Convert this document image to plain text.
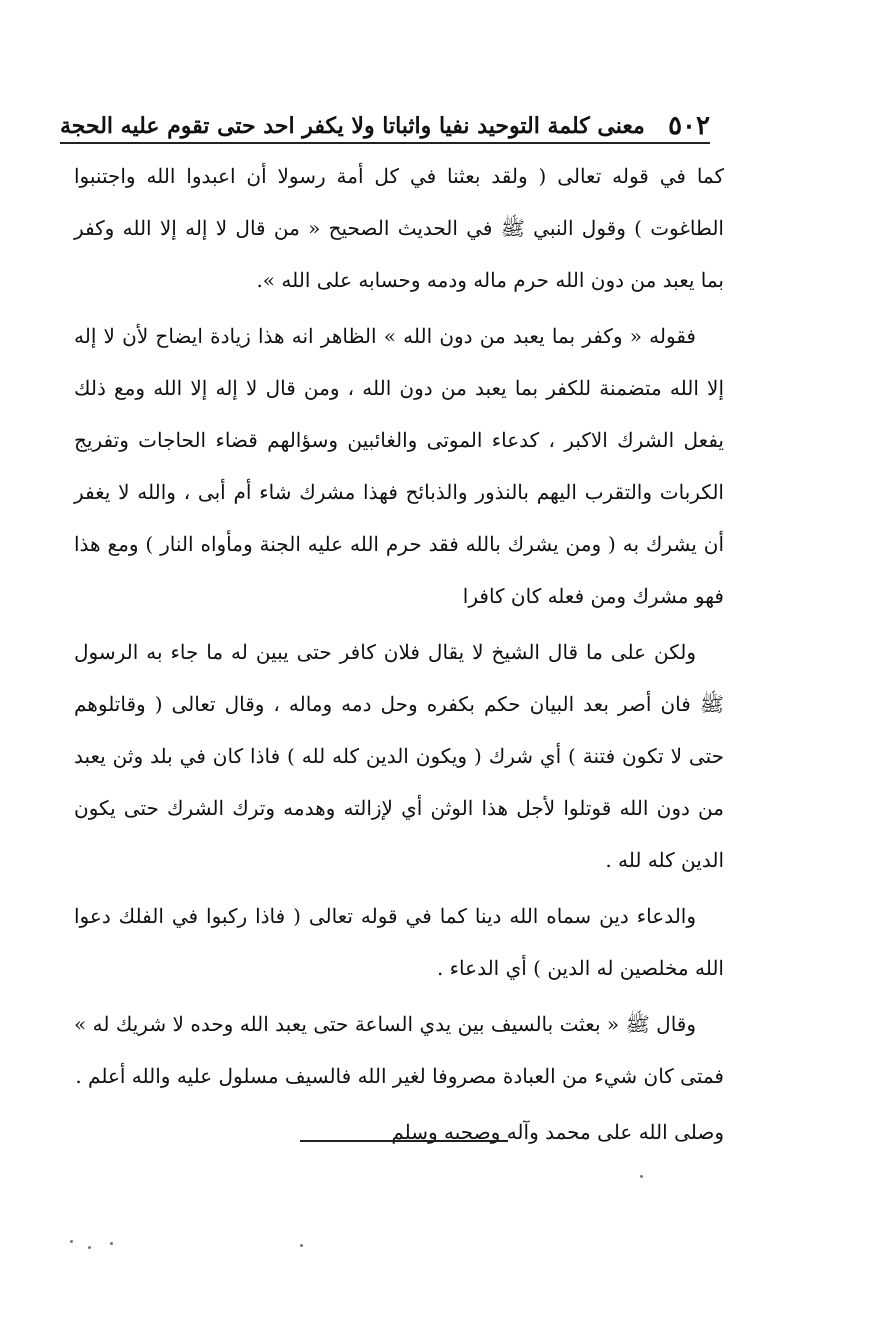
٥٠٢
معنى كلمة التوحيد نفيا واثباتا ولا يكفر احد حتى تقوم عليه الحجة

كما في قوله تعالى ( ولقد بعثنا في كل أمة رسولا أن اعبدوا الله واجتنبوا الطاغوت ) وقول النبي ﷺ في الحديث الصحيح « من قال لا إله إلا الله وكفر بما يعبد من دون الله حرم ماله ودمه وحسابه على الله ».

فقوله « وكفر بما يعبد من دون الله » الظاهر انه هذا زيادة ايضاح لأن لا إله إلا الله متضمنة للكفر بما يعبد من دون الله ، ومن قال لا إله إلا الله ومع ذلك يفعل الشرك الاكبر ، كدعاء الموتى والغائبين وسؤالهم قضاء الحاجات وتفريج الكربات والتقرب اليهم بالنذور والذبائح فهذا مشرك شاء أم أبى ، والله لا يغفر أن يشرك به ( ومن يشرك بالله فقد حرم الله عليه الجنة ومأواه النار ) ومع هذا فهو مشرك ومن فعله كان كافرا

ولكن على ما قال الشيخ لا يقال فلان كافر حتى يبين له ما جاء به الرسول ﷺ فان أصر بعد البيان حكم بكفره وحل دمه وماله ، وقال تعالى ( وقاتلوهم حتى لا تكون فتنة ) أي شرك ( ويكون الدين كله لله ) فاذا كان في بلد وثن يعبد من دون الله قوتلوا لأجل هذا الوثن أي لإزالته وهدمه وترك الشرك حتى يكون الدين كله لله .

والدعاء دين سماه الله دينا كما في قوله تعالى ( فاذا ركبوا في الفلك دعوا الله مخلصين له الدين ) أي الدعاء .

وقال ﷺ « بعثت بالسيف بين يدي الساعة حتى يعبد الله وحده لا شريك له » فمتى كان شيء من العبادة مصروفا لغير الله فالسيف مسلول عليه والله أعلم .

وصلى الله على محمد وآله وصحبه وسلم
